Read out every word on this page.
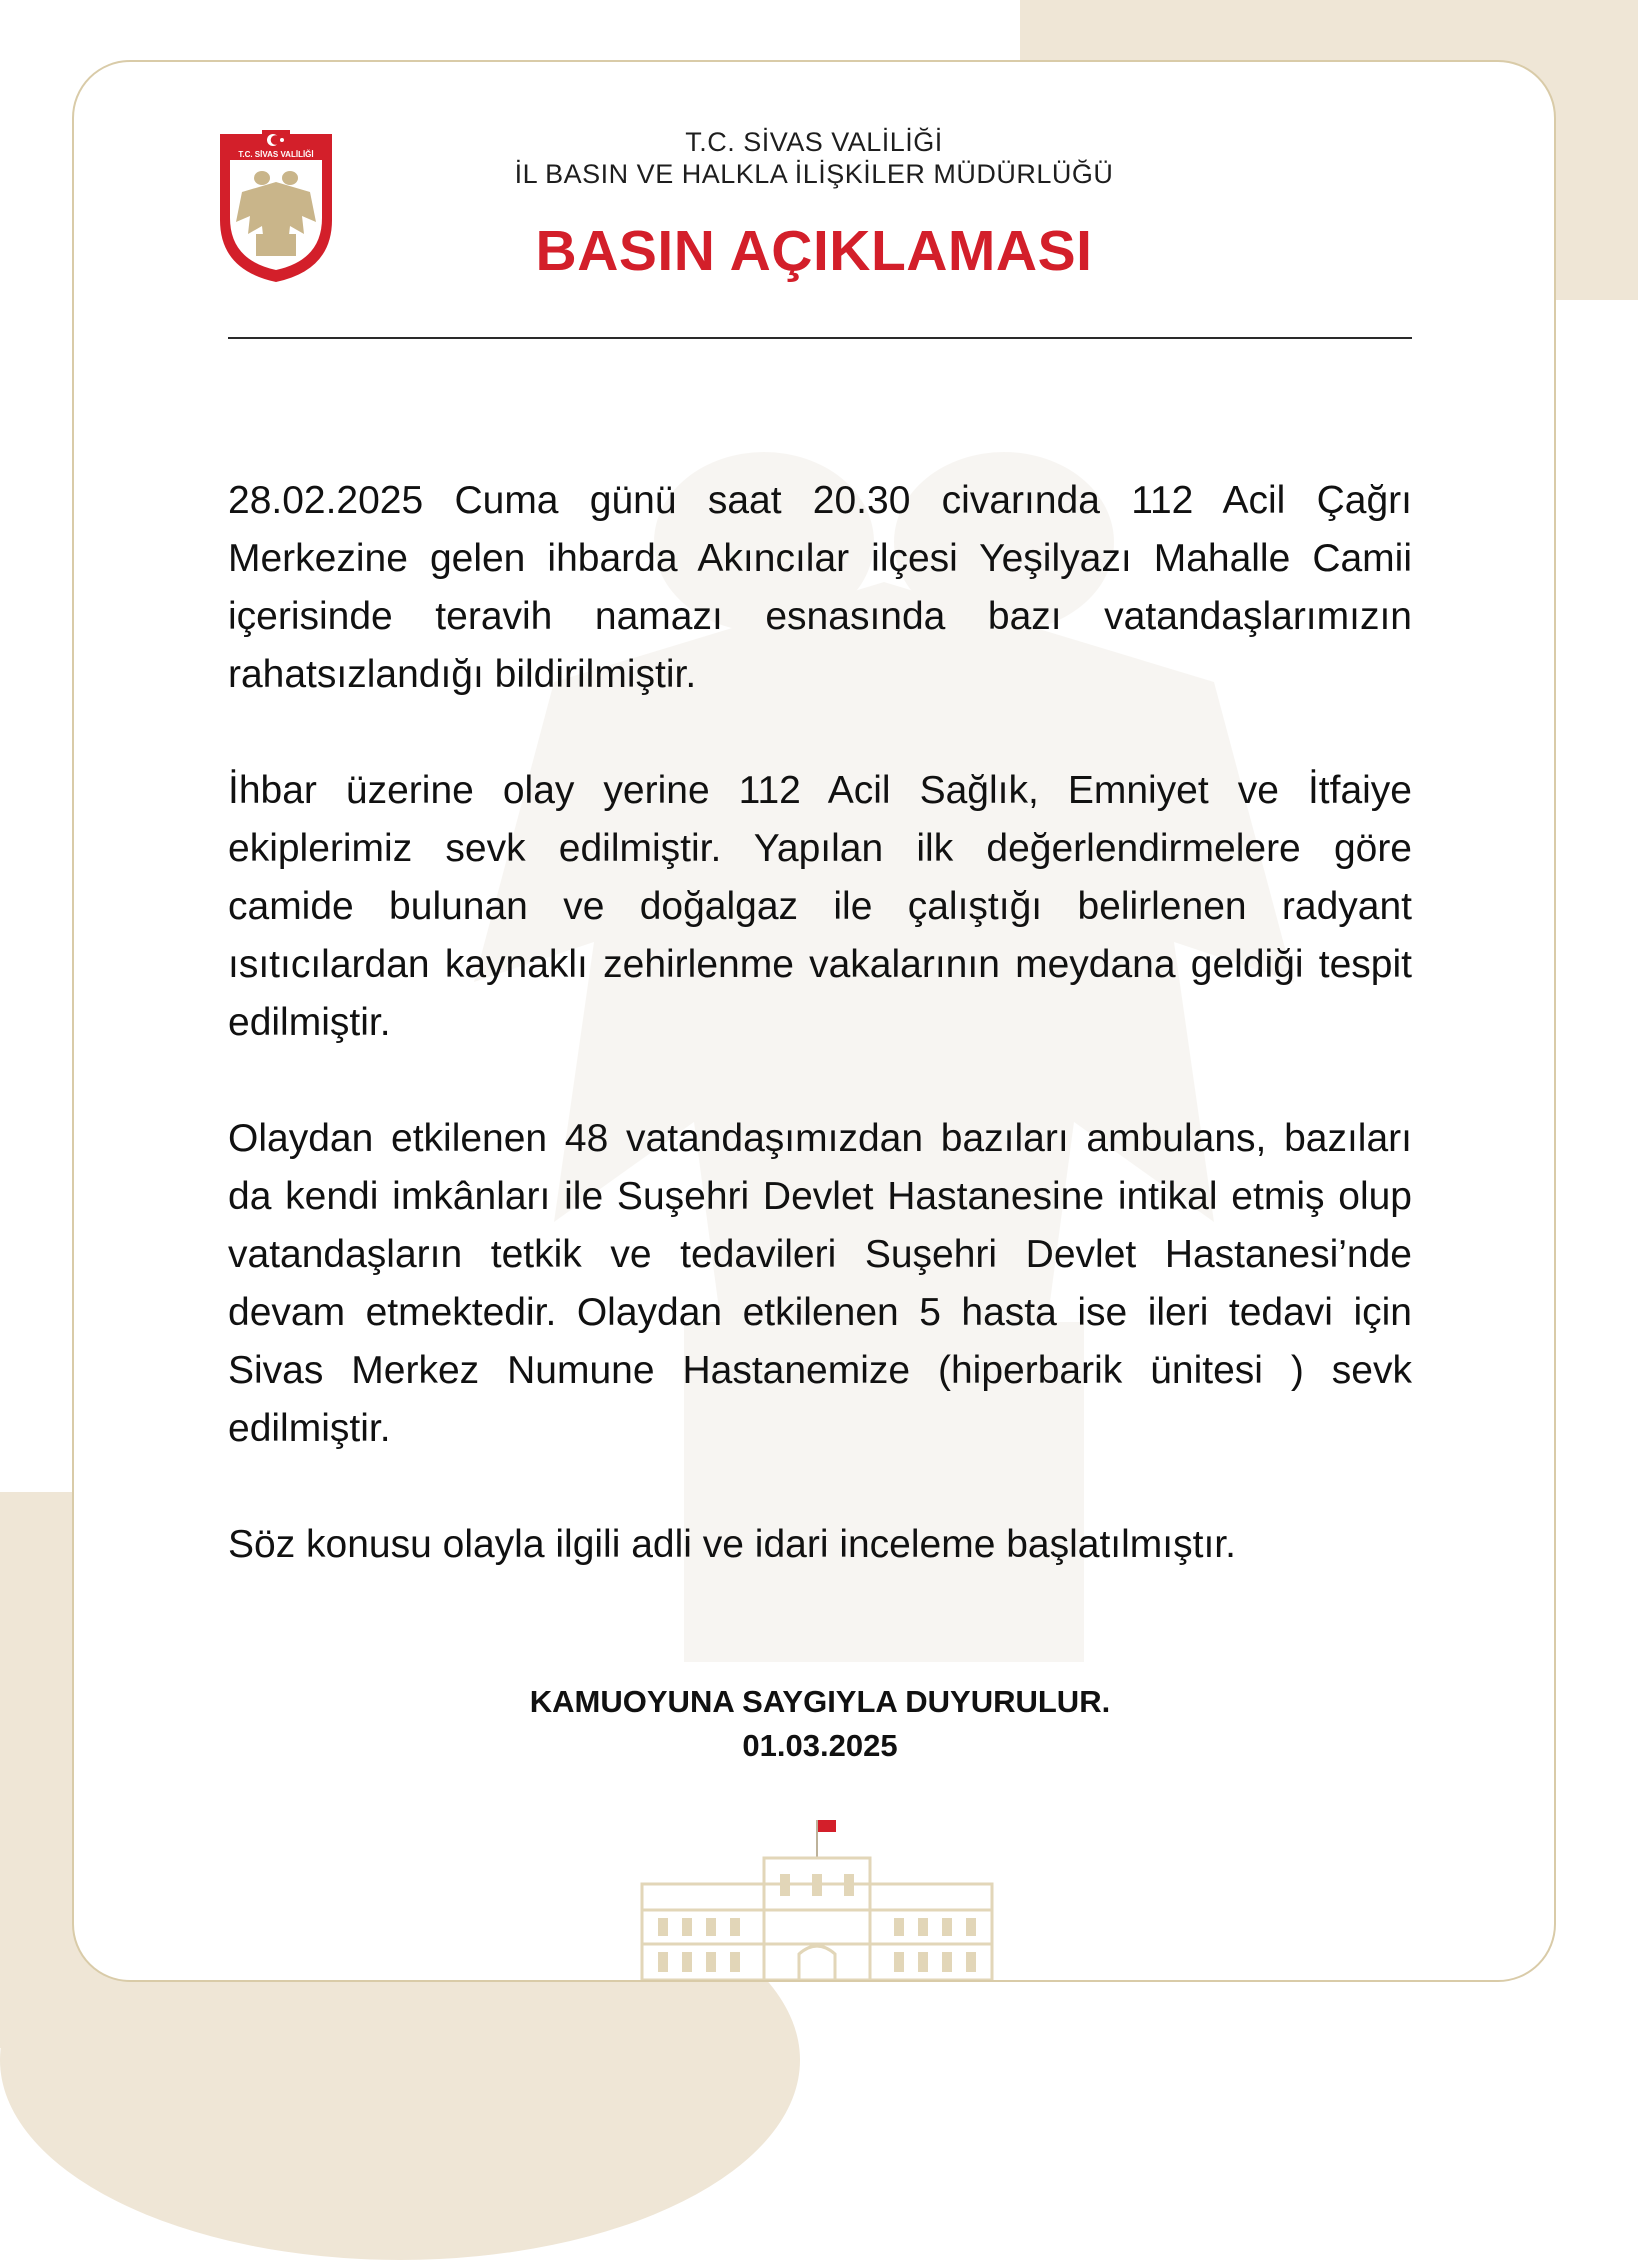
T.C. SİVAS VALİLİĞİ	T.C. SİVAS VALİLİĞİ
İL BASIN VE HALKLA İLİŞKİLER MÜDÜRLÜĞÜ
BASIN AÇIKLAMASI

28.02.2025 Cuma günü saat 20.30 civarında 112 Acil Çağrı Merkezine gelen ihbarda Akıncılar ilçesi Yeşilyazı Mahalle Camii içerisinde teravih namazı esnasında bazı vatandaşlarımızın rahatsızlandığı bildirilmiştir.

İhbar üzerine olay yerine 112 Acil Sağlık, Emniyet ve İtfaiye ekiplerimiz sevk edilmiştir. Yapılan ilk değerlendirmelere göre camide bulunan ve doğalgaz ile çalıştığı belirlenen radyant ısıtıcılardan kaynaklı zehirlenme vakalarının meydana geldiği tespit edilmiştir.

Olaydan etkilenen 48 vatandaşımızdan bazıları ambulans, bazıları da kendi imkânları ile Suşehri Devlet Hastanesine intikal etmiş olup vatandaşların tetkik ve tedavileri Suşehri Devlet Hastanesi’nde devam etmektedir. Olaydan etkilenen 5 hasta ise ileri tedavi için Sivas Merkez Numune Hastanemize (hiperbarik ünitesi ) sevk edilmiştir.

Söz konusu olayla ilgili adli ve idari inceleme başlatılmıştır.

KAMUOYUNA SAYGIYLA DUYURULUR.
01.03.2025
